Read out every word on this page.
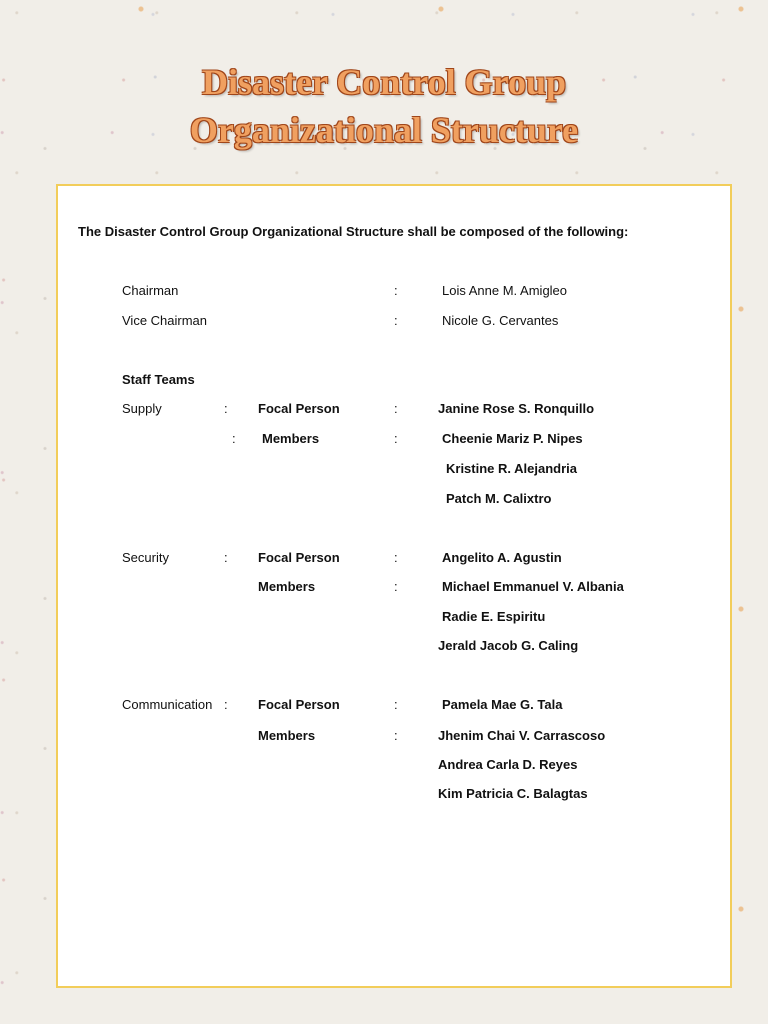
Disaster Control Group
Organizational Structure
The Disaster Control Group Organizational Structure shall be composed of the following:
Chairman	:	Lois Anne M. Amigleo
Vice Chairman	:	Nicole G. Cervantes
Staff Teams
Supply	: Focal Person	:	Janine Rose S. Ronquillo
: Members	:	Cheenie Mariz P. Nipes
Kristine R. Alejandria
Patch M. Calixtro
Security	: Focal Person	:	Angelito A. Agustin
Members	:	Michael Emmanuel V. Albania
Radie E. Espiritu
Jerald Jacob G. Caling
Communication : Focal Person	:	Pamela Mae G. Tala
Members	:	Jhenim Chai V. Carrascoso
Andrea Carla D. Reyes
Kim Patricia C. Balagtas
